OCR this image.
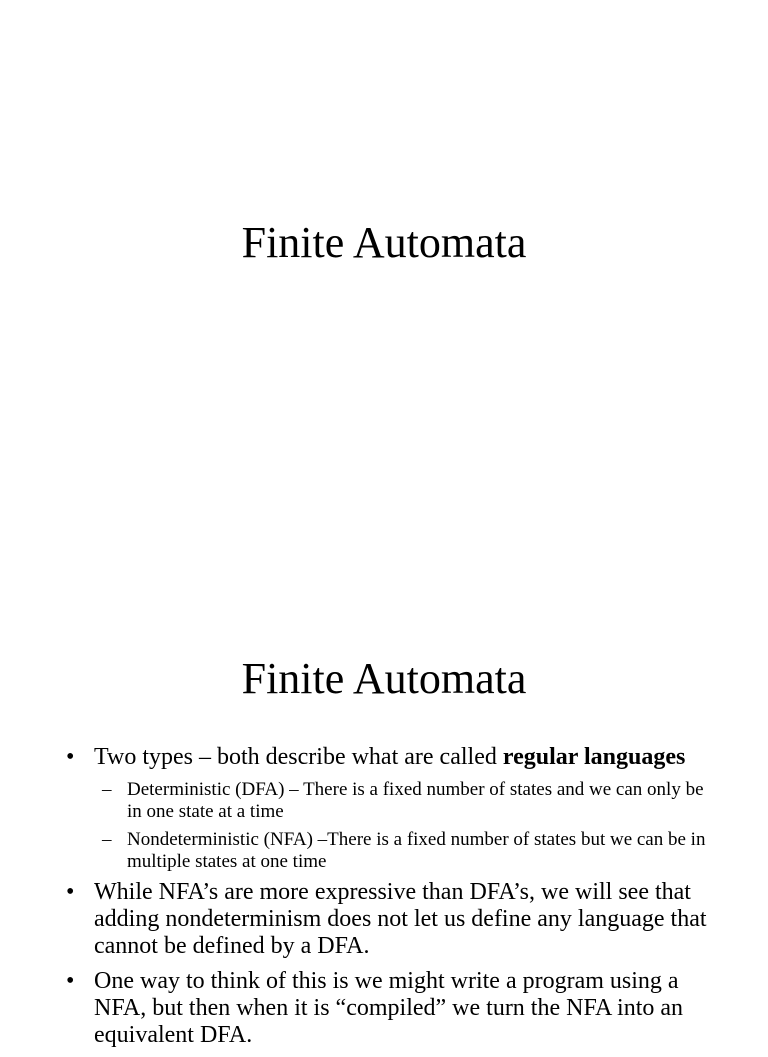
Finite Automata
Finite Automata
• Two types – both describe what are called regular languages
– Deterministic (DFA) – There is a fixed number of states and we can only be in one state at a time
– Nondeterministic (NFA) –There is a fixed number of states but we can be in multiple states at one time
• While NFA’s are more expressive than DFA’s, we will see that adding nondeterminism does not let us define any language that cannot be defined by a DFA.
• One way to think of this is we might write a program using a NFA, but then when it is “compiled” we turn the NFA into an equivalent DFA.
